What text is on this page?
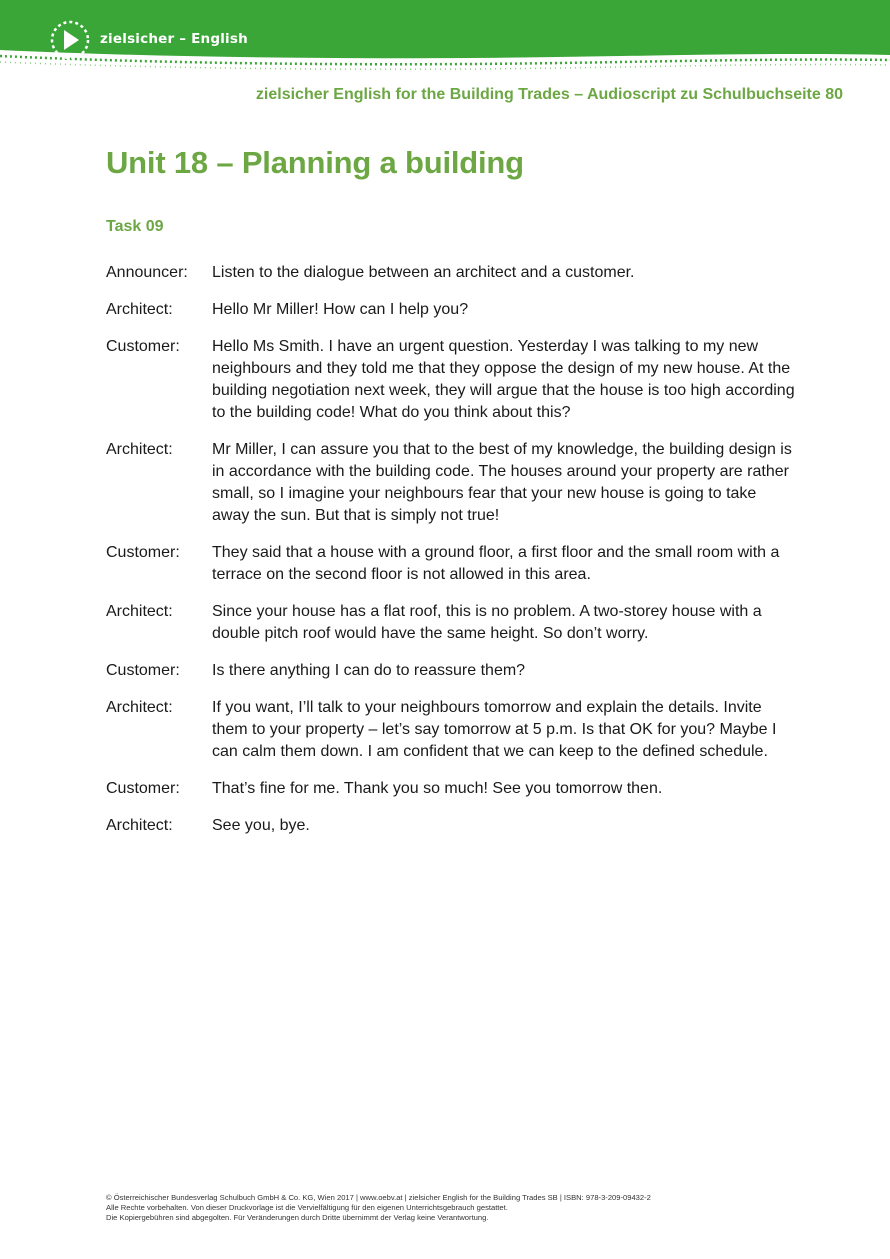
zielsicher – English
zielsicher English for the Building Trades – Audioscript zu Schulbuchseite 80
Unit 18 – Planning a building
Task 09
Announcer:	Listen to the dialogue between an architect and a customer.
Architect:	Hello Mr Miller! How can I help you?
Customer:	Hello Ms Smith. I have an urgent question. Yesterday I was talking to my new neighbours and they told me that they oppose the design of my new house. At the building negotiation next week, they will argue that the house is too high according to the building code! What do you think about this?
Architect:	Mr Miller, I can assure you that to the best of my knowledge, the building design is in accordance with the building code. The houses around your property are rather small, so I imagine your neighbours fear that your new house is going to take away the sun. But that is simply not true!
Customer:	They said that a house with a ground floor, a first floor and the small room with a terrace on the second floor is not allowed in this area.
Architect:	Since your house has a flat roof, this is no problem. A two-storey house with a double pitch roof would have the same height. So don’t worry.
Customer:	Is there anything I can do to reassure them?
Architect:	If you want, I’ll talk to your neighbours tomorrow and explain the details. Invite them to your property – let’s say tomorrow at 5 p.m. Is that OK for you? Maybe I can calm them down. I am confident that we can keep to the defined schedule.
Customer:	That’s fine for me. Thank you so much! See you tomorrow then.
Architect:	See you, bye.
© Österreichischer Bundesverlag Schulbuch GmbH & Co. KG, Wien 2017 | www.oebv.at | zielsicher English for the Building Trades SB | ISBN: 978-3-209-09432-2
Alle Rechte vorbehalten. Von dieser Druckvorlage ist die Vervielfältigung für den eigenen Unterrichtsgebrauch gestattet.
Die Kopiergebühren sind abgegolten. Für Veränderungen durch Dritte übernimmt der Verlag keine Verantwortung.
